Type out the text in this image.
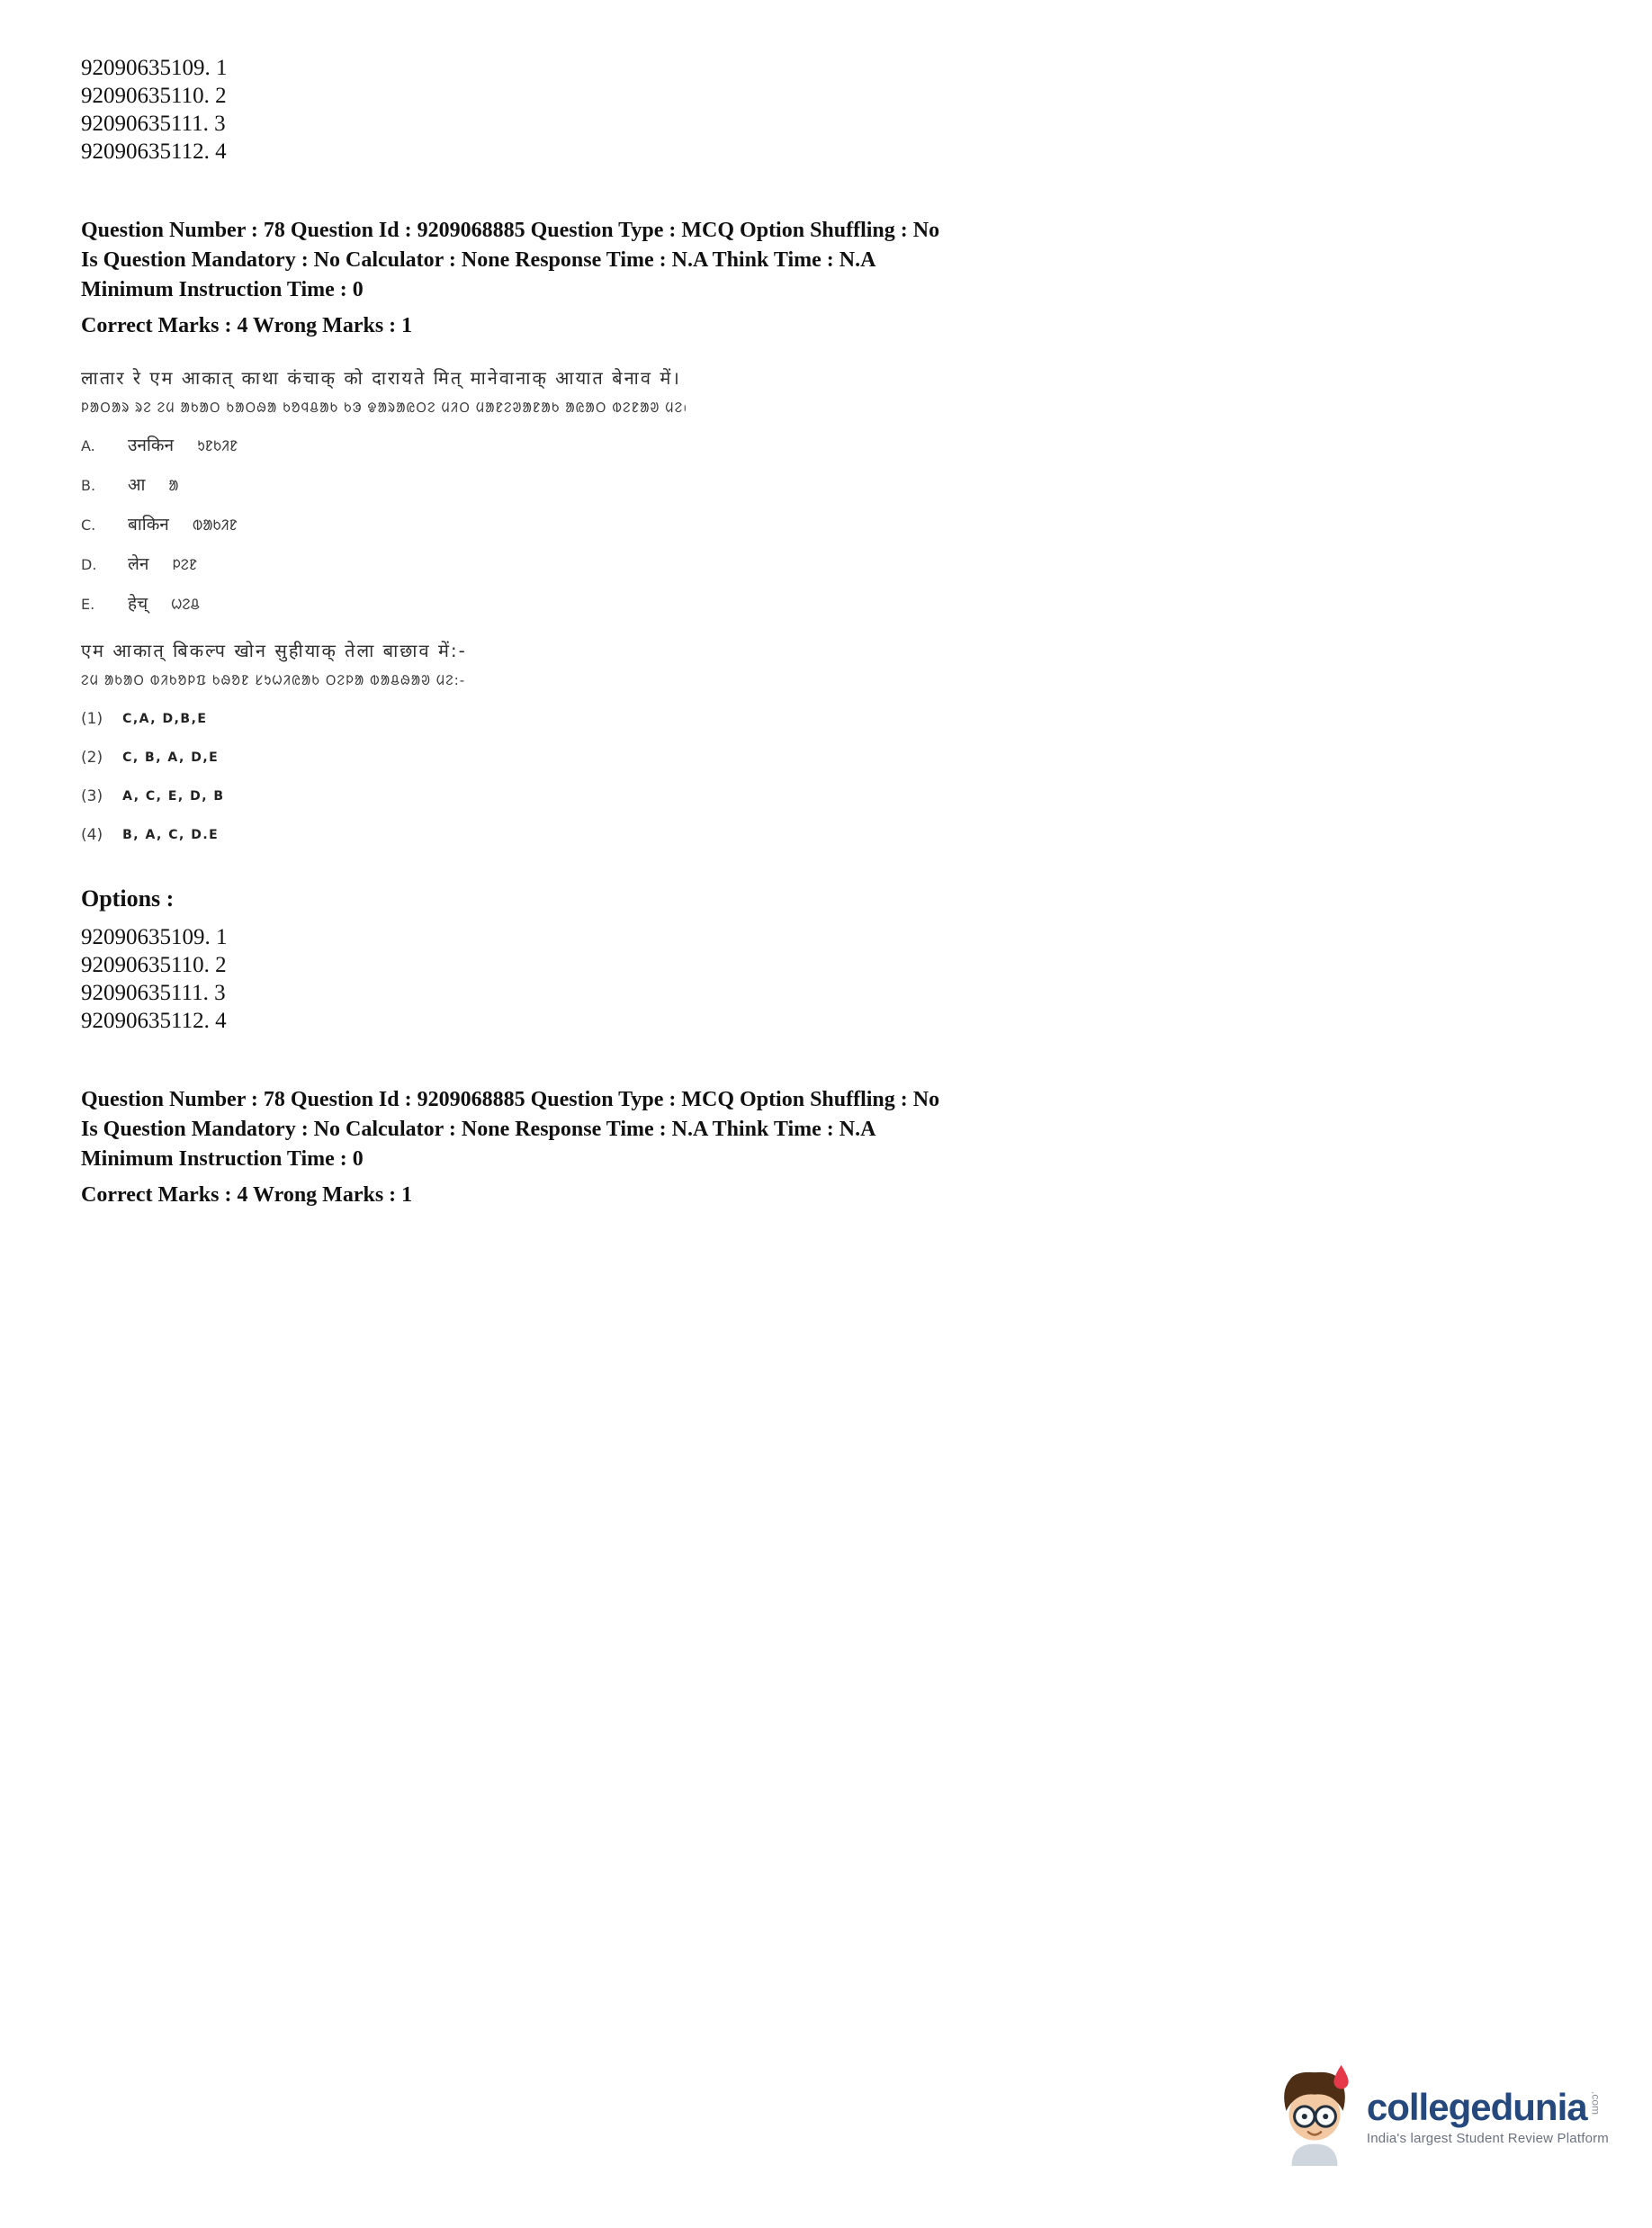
92090635109. 1
92090635110. 2
92090635111. 3
92090635112. 4

Question Number : 78 Question Id : 9209068885 Question Type : MCQ Option Shuffling : No Is Question Mandatory : No Calculator : None Response Time : N.A Think Time : N.A Minimum Instruction Time : 0

Correct Marks : 4 Wrong Marks : 1

लातार रे एम आकात् काथा कंचाक् को दारायते मित् मानेवानाक् आयात बेनाव में।
ᱞᱟᱛᱟᱨ ᱨᱮ ᱮᱢ ᱟᱠᱟᱛ ᱠᱟᱛᱷᱟ ᱠᱚᱧᱪᱟᱠ ᱠᱳ ᱫᱟᱨᱟᱭᱛᱮ ᱢᱤᱛ ᱢᱟᱱᱮᱣᱟᱱᱟᱠ ᱟᱭᱟᱛ ᱵᱮᱱᱟᱣ ᱢᱮ᱾
A.	उनकिन ᱩᱱᱠᱤᱱ
B.	आ ᱟ
C.	बाकिन ᱵᱟᱠᱤᱱ
D.	लेन ᱞᱮᱱ
E.	हेच् ᱦᱮᱪ
एम आकात् बिकल्प खोन सुहीयाक् तेला बाछाव में:-
ᱮᱢ ᱟᱠᱟᱛ ᱵᱤᱠᱚᱞᱯ ᱠᱷᱚᱱ ᱥᱩᱦᱤᱭᱟᱠ ᱛᱮᱞᱟ ᱵᱟᱪᱷᱟᱣ ᱢᱮ:-
(1) C,A, D,B,E
(2) C, B, A, D,E
(3) A, C, E, D, B
(4) B, A, C, D.E
Options :
92090635109. 1
92090635110. 2
92090635111. 3
92090635112. 4

Question Number : 78 Question Id : 9209068885 Question Type : MCQ Option Shuffling : No Is Question Mandatory : No Calculator : None Response Time : N.A Think Time : N.A Minimum Instruction Time : 0

Correct Marks : 4 Wrong Marks : 1

collegedunia .com
India's largest Student Review Platform
